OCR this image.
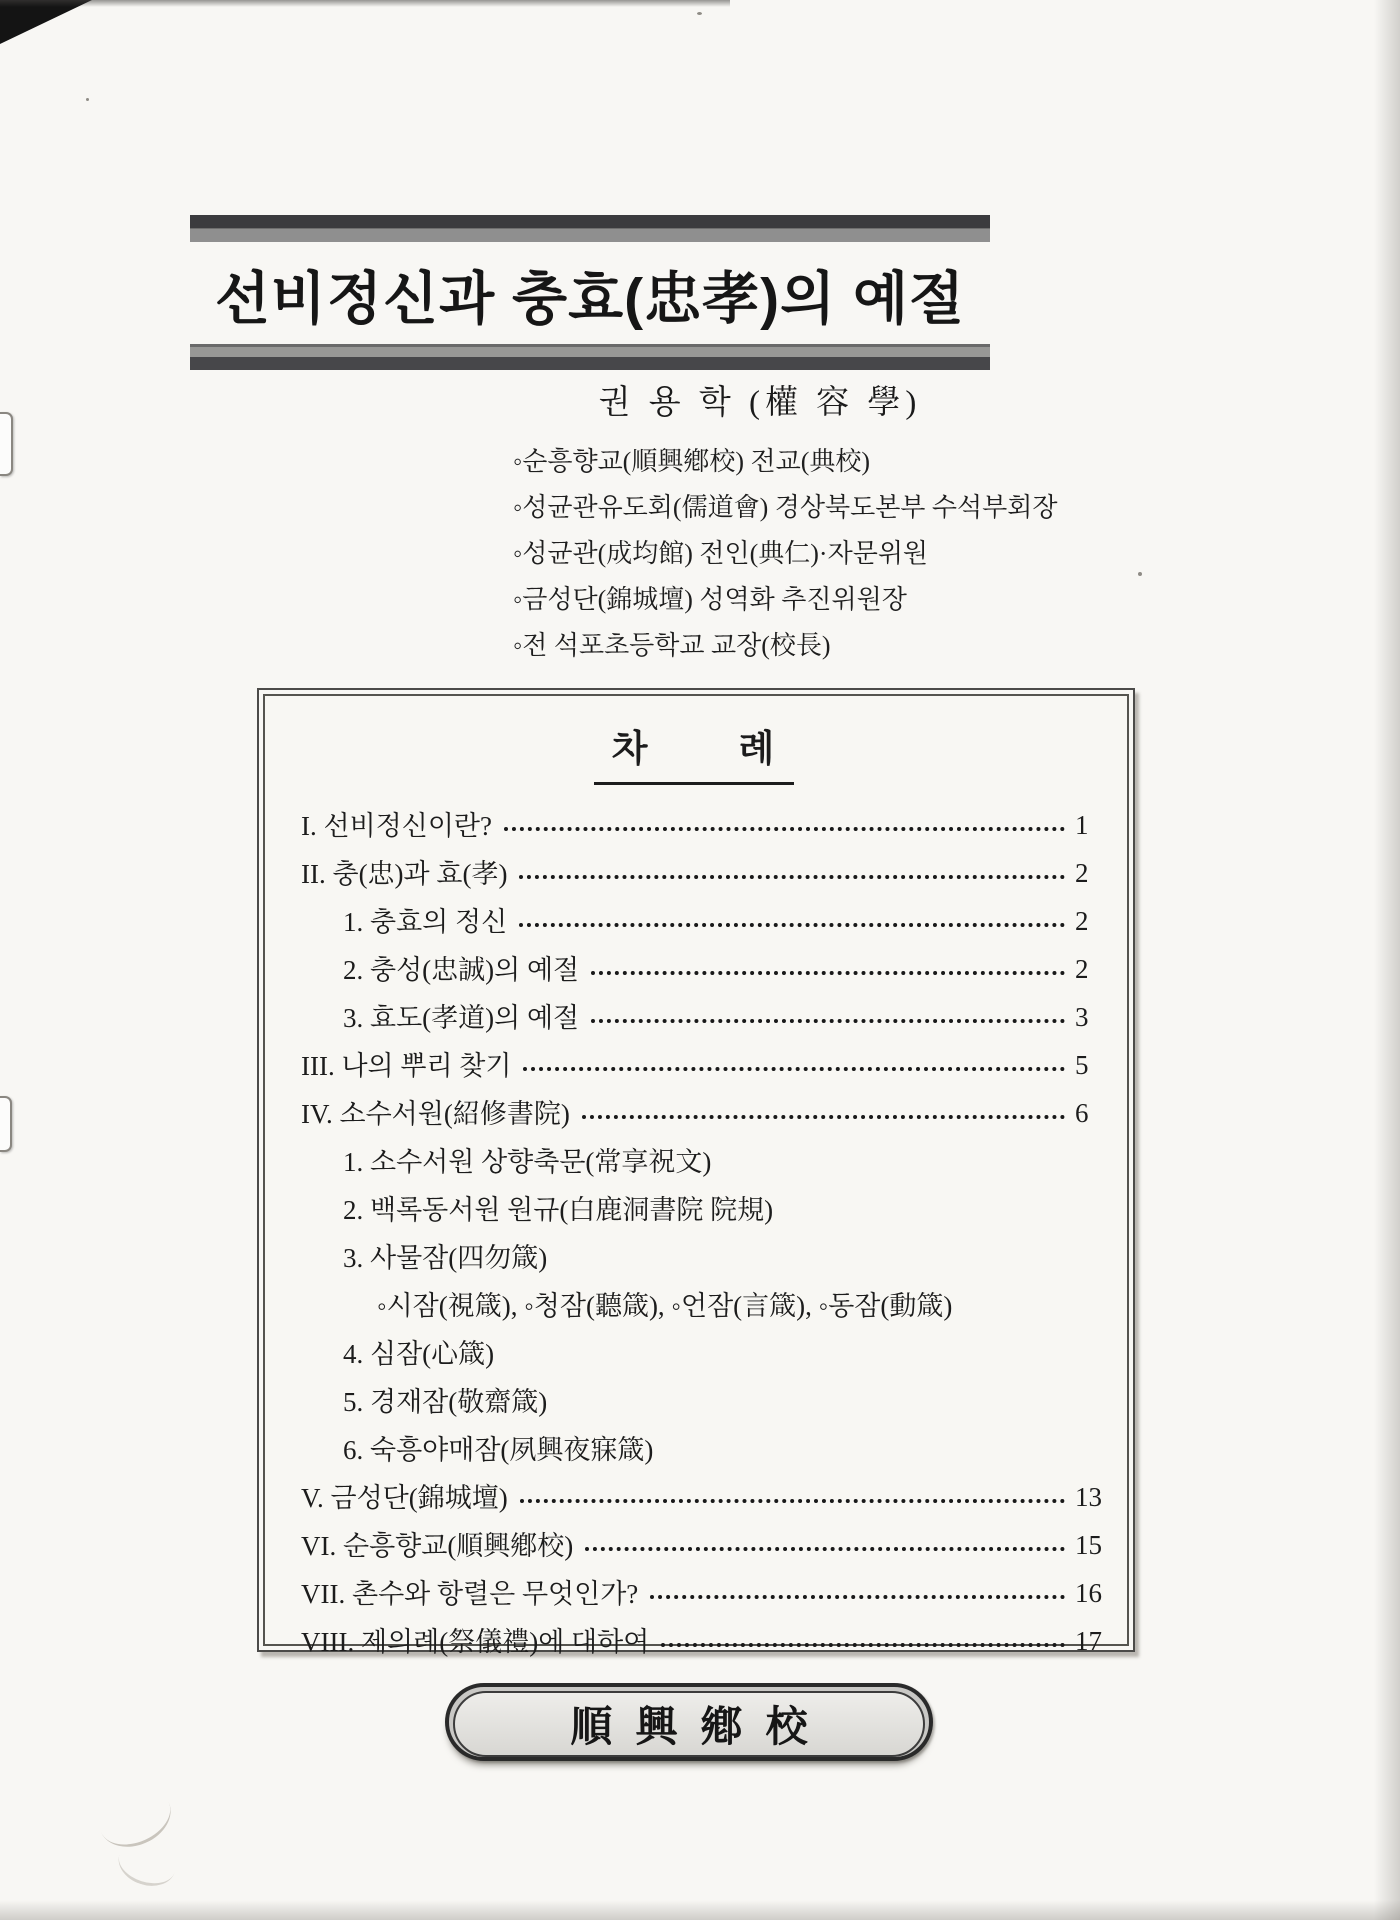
선비정신과 충효(忠孝)의 예절
권 용 학 (權 容 學)
◦순흥향교(順興鄕校) 전교(典校)
◦성균관유도회(儒道會) 경상북도본부 수석부회장
◦성균관(成均館) 전인(典仁)·자문위원
◦금성단(錦城壇) 성역화 추진위원장
◦전 석포초등학교 교장(校長)
차 례
I. 선비정신이란?	1
II. 충(忠)과 효(孝)	2
1. 충효의 정신	2
2. 충성(忠誠)의 예절	2
3. 효도(孝道)의 예절	3
III. 나의 뿌리 찾기	5
IV. 소수서원(紹修書院)	6
1. 소수서원 상향축문(常享祝文)
2. 백록동서원 원규(白鹿洞書院 院規)
3. 사물잠(四勿箴)
◦시잠(視箴), ◦청잠(聽箴), ◦언잠(言箴), ◦동잠(動箴)
4. 심잠(心箴)
5. 경재잠(敬齋箴)
6. 숙흥야매잠(夙興夜寐箴)
V. 금성단(錦城壇)	13
VI. 순흥향교(順興鄕校)	15
VII. 촌수와 항렬은 무엇인가?	16
VIII. 제의례(祭儀禮)에 대하여	17
順興鄕校
